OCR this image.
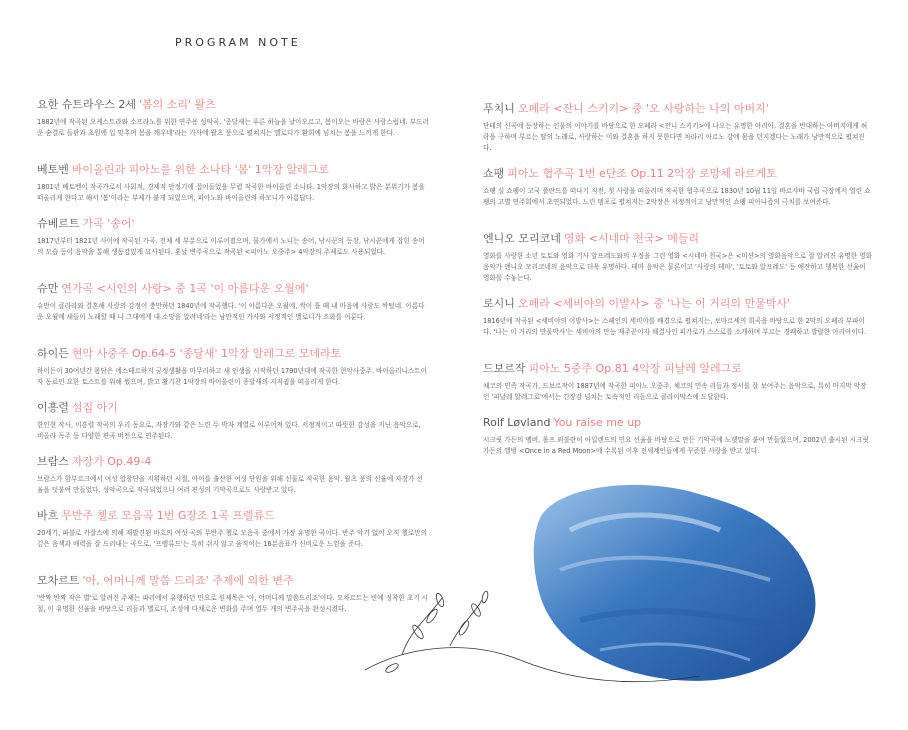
PROGRAM NOTE
요한 슈트라우스 2세 '봄의 소리' 왈츠
1882년에 작곡된 오케스트라와 소프라노를 위한 연주용 성악곡. '종달새는 푸른 하늘을 날아오르고, 봄이오는 바람은 사랑스럽네. 부드러운 숨결로 들판과 초원에 입 맞추며 봄을 깨우네'라는 가사에 왈츠 풍으로 펼쳐지는 멜로디가 환희에 넘치는 봄을 느끼게 한다.
베토벤 바이올린과 피아노를 위한 소나타 '봄' 1악장 알레그로
1801년 베토벤이 작곡가로서 사회적, 경제적 안정기에 접어들었을 무렵 작곡한 바이올린 소나타. 1악장의 화사하고 밝은 분위기가 봄을 떠올리게 한다고 해서 '봄'이라는 부제가 붙게 되었으며, 피아노와 바이올린의 하모니가 아름답다.
슈베르트 가곡 '송어'
1817년부터 1821년 사이에 작곡된 가곡. 전체 세 부분으로 이루어졌으며, 물가에서 노니는 송어, 낚시꾼의 등장, 낚시꾼에게 잡힌 송어의 모습 등이 음악을 통해 생동감있게 묘사된다. 훗날 변주곡으로 작곡된 <피아노 오중주> 4악장의 주제로도 사용되었다.
슈만 연가곡 <시인의 사랑> 중 1곡 '이 아름다운 오월에'
슈만이 클라라와 결혼해 사랑의 감정이 충만하던 1840년에 작곡했다. '이 아름다운 오월에, 싹이 틀 때 내 마음에 사랑도 싹텄네. 아름다운 오월에 새들이 노래할 때 나 그대에게 내 소망을 알려네'라는 낭만적인 가사와 서정적인 멜로디가 조화를 이룬다.
하이든 현악 사중주 Op.64-5 '종달새' 1악장 알레그로 모데라토
하이든이 30여년간 몸담은 에스테르하지 궁정생활을 마무리하고 새 인생을 시작하던 1790년대에 작곡한 현악사중주. 바이올리니스트이자 동료인 요한 토스트를 위해 썼으며, 밝고 활기찬 1악장의 바이올린이 종달새의 지저귐을 떠올리게 한다.
이흥렬 섬집 아기
한인현 작사, 이흥렬 작곡의 우리 동요로, 자장가와 같은 느린 두 박자 계열로 이루어져 있다. 서정적이고 따뜻한 감성을 지닌 음악으로, 비올라 독주 등 다양한 편곡 버전으로 연주된다.
브람스 자장가 Op.49-4
브람스가 함부르크에서 여성 합창단을 지휘하던 시절, 아이를 출산한 여성 단원을 위해 선물로 작곡한 음악. 왈츠 풍의 선율에 자장가 선율을 덧붙여 만들었다. 성악곡으로 작곡되었으나 여러 편성의 기악곡으로도 사랑받고 있다.
바흐 무반주 첼로 모음곡 1번 G장조 1곡 프렐류드
20세기, 파블로 카잘스에 의해 재발견된 바흐의 여섯 곡의 무반주 첼로 모음곡 중에서 가장 유명한 곡이다. 반주 악기 없이 오직 첼로만의 깊은 음색과 매력을 잘 드러내는 곡으로, '프렐류드'는 특히 쉬지 않고 움직이는 16분음표가 신비로운 느낌을 준다.
모차르트 '아, 어머니께 말씀 드리죠' 주제에 의한 변주
'반짝 반짝 작은 별'로 알려진 주제는 파리에서 유행하던 민요로 원제목은 '아, 어머니께 말씀드리죠'이다. 모차르트는 빈에 정착한 초기 시절, 이 유명한 선율을 바탕으로 리듬과 멜로디, 조성에 다채로운 변화를 주며 열두 개의 변주곡을 완성시켰다.
푸치니 오페라 <잔니 스키키> 중 '오 사랑하는 나의 아버지'
단테의 신곡에 등장하는 인물의 이야기를 바탕으로 한 오페라 <잔니 스키키>에 나오는 유명한 아리아. 결혼을 반대하는 아버지에게 허락을 구하며 부르는 딸의 노래로, 사랑하는 이와 결혼을 하지 못한다면 차라리 아르노 강에 몸을 던지겠다는 노래가 낭만적으로 펼쳐진다.
쇼팽 피아노 협주곡 1번 e단조 Op.11 2악장 로망체 라르게토
쇼팽 실 쇼팽이 고국 폴란드를 떠나기 직전, 첫 사랑을 떠올리며 작곡한 협주곡으로 1830년 10월 11일 바르샤바 국립 극장에서 열린 쇼팽의 고별 연주회에서 초연되었다. 느린 템포로 펼쳐지는 2악장은 서정적이고 낭만적인 쇼팽 피아니즘의 극치를 보여준다.
엔니오 모리코네 영화 <시네마 천국> 메들리
영화를 사랑한 소년 토토와 영화 기사 알프레도와의 우정을 그린 영화 <시네마 천국>은 <미션>의 영화음악으로 잘 알려진 유명한 영화 음악가 엔니오 모리코네의 음악으로 더욱 유명하다. 테마 음악은 물론이고 '사랑의 테마', '토토와 알프레도' 등 애잔하고 행복한 선율이 영화를 수놓는다.
로시니 오페라 <세비야의 이발사> 중 '나는 이 거리의 만물박사'
1816년에 작곡된 <세비야의 이발사>는 스페인의 세비야를 배경으로 펼쳐지는, 보마르셰의 희곡을 바탕으로 한 2막의 오페라 부파이다. '나는 이 거리의 만물박사'는 세비야의 만능 재주꾼이자 해결사인 피가로가 스스로를 소개하며 부르는 경쾌하고 발랄한 아리아이다.
드보르작 피아노 5중주 Op.81 4악장 피날레 알레그로
체코의 민족 작곡가, 드보르작이 1887년에 작곡한 피아노 오중주. 체코의 민속 리듬과 정서를 잘 보여주는 음악으로, 특히 마지막 악장인 '피날레 알레그로'에서는 긴장감 넘치는 토속적인 리듬으로 클라이막스에 도달한다.
Rolf Løvland You raise me up
시크릿 가든의 멤버, 롤프 뢰블란이 아일랜드의 민요 선율을 바탕으로 만든 기악곡에 노랫말을 붙여 만들었으며, 2002년 출시된 시크릿 가든의 앨범 <Once in a Red Moon>에 수록된 이후 전세계인들에게 꾸준한 사랑을 받고 있다.
